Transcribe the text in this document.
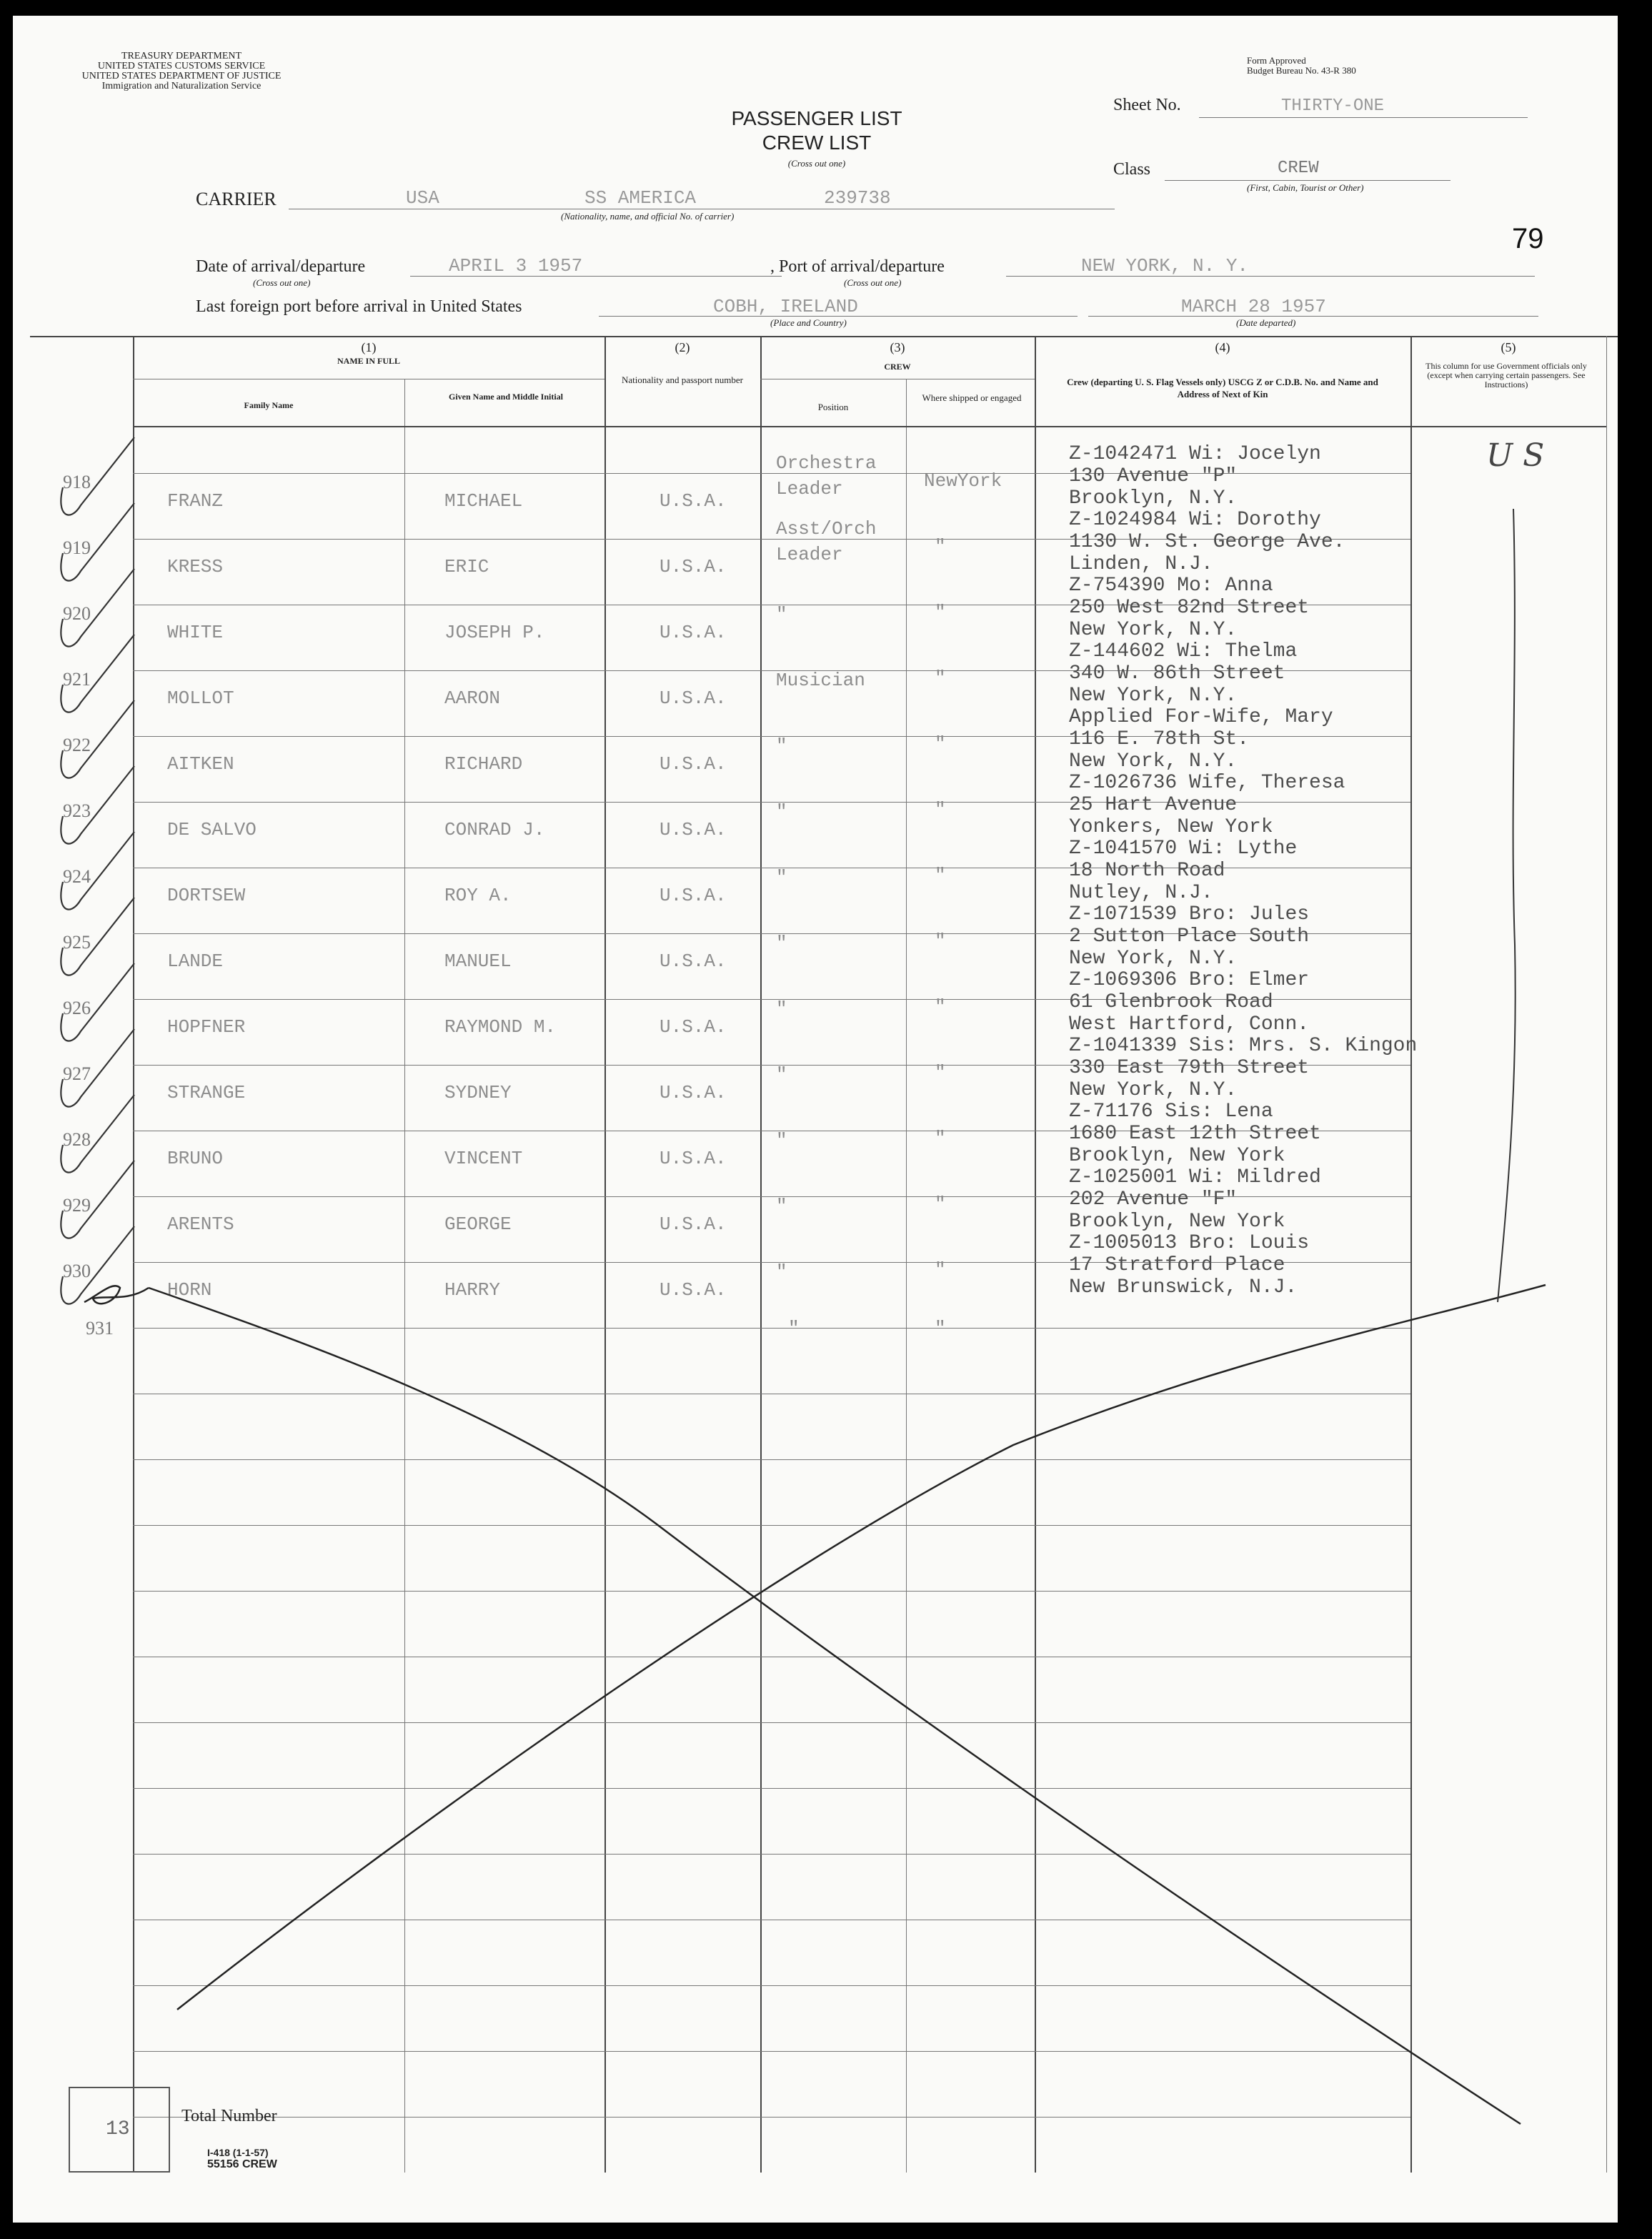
TREASURY DEPARTMENT
UNITED STATES CUSTOMS SERVICE
UNITED STATES DEPARTMENT OF JUSTICE
Immigration and Naturalization Service
Form Approved
Budget Bureau No. 43-R 380
PASSENGER LIST
CREW LIST
(Cross out one)
Sheet No.	THIRTY-ONE
Class	CREW
(First, Cabin, Tourist or Other)
CARRIER	USA	SS AMERICA	239738
(Nationality, name, and official No. of carrier)
79
Date of arrival/departure
(Cross out one)
APRIL 3 1957	, Port of arrival/departure
(Cross out one)
NEW YORK, N. Y.
Last foreign port before arrival in United States	COBH, IRELAND
(Place and Country)
MARCH 28 1957
(Date departed)
(1)
NAME IN FULL
Family Name
Given Name and Middle Initial
(2)
Nationality and passport number
(3)
CREW
Position
Where shipped or engaged
(4)
Crew (departing U. S. Flag Vessels only) USCG Z or C.D.B. No. and Name and Address of Next of Kin
(5)
This column for use Government officials only (except when carrying certain passengers. See Instructions)
918
FRANZ	MICHAEL	U.S.A.
Orchestra
Leader	NewYork
Z-1042471 Wi: Jocelyn
130 Avenue "P"
Brooklyn, N.Y.
919
KRESS	ERIC	U.S.A.
Asst/Orch
Leader	"
Z-1024984 Wi: Dorothy
1130 W. St. George Ave.
Linden, N.J.
920
WHITE	JOSEPH P.	U.S.A.
"	"
Z-754390 Mo: Anna
250 West 82nd Street
New York, N.Y.
921
MOLLOT	AARON	U.S.A.
Musician	"
Z-144602 Wi: Thelma
340 W. 86th Street
New York, N.Y.
922
AITKEN	RICHARD	U.S.A.
"	"
Applied For-Wife, Mary
116 E. 78th St.
New York, N.Y.
923
DE SALVO	CONRAD J.	U.S.A.
"	"
Z-1026736 Wife, Theresa
25 Hart Avenue
Yonkers, New York
924
DORTSEW	ROY A.	U.S.A.
"	"
Z-1041570 Wi: Lythe
18 North Road
Nutley, N.J.
925
LANDE	MANUEL	U.S.A.
"	"
Z-1071539 Bro: Jules
2 Sutton Place South
New York, N.Y.
926
HOPFNER	RAYMOND M.	U.S.A.
"	"
Z-1069306 Bro: Elmer
61 Glenbrook Road
West Hartford, Conn.
927
STRANGE	SYDNEY	U.S.A.
"	"
Z-1041339 Sis: Mrs. S. Kingon
330 East 79th Street
New York, N.Y.
928
BRUNO	VINCENT	U.S.A.
"	"
Z-71176 Sis: Lena
1680 East 12th Street
Brooklyn, New York
929
ARENTS	GEORGE	U.S.A.
"	"
Z-1025001 Wi: Mildred
202 Avenue "F"
Brooklyn, New York
930
HORN	HARRY	U.S.A.
"	"
Z-1005013 Bro: Louis
17 Stratford Place
New Brunswick, N.J.
931	"	"
U S
13
Total Number
I-418 (1-1-57)
55156 CREW
